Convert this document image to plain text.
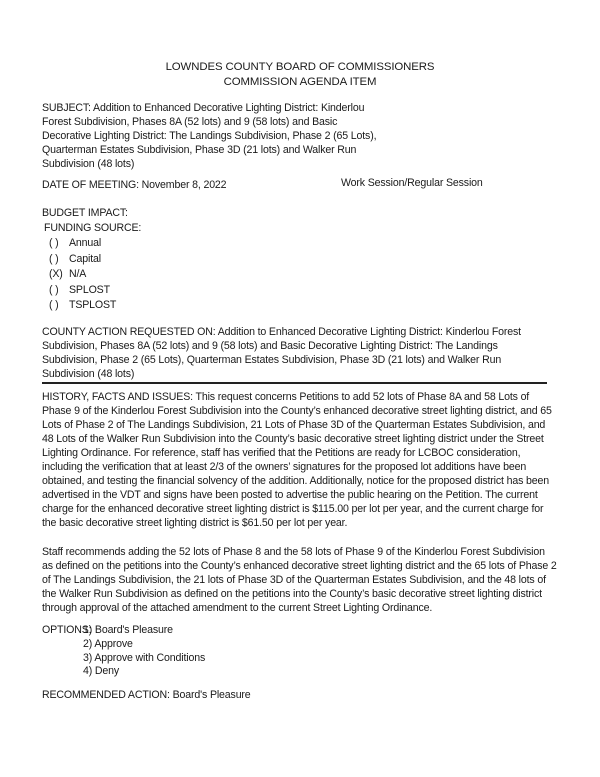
LOWNDES COUNTY BOARD OF COMMISSIONERS
COMMISSION AGENDA ITEM
SUBJECT: Addition to Enhanced Decorative Lighting District: Kinderlou Forest Subdivision, Phases 8A (52 lots) and 9 (58 lots) and Basic Decorative Lighting District: The Landings Subdivision, Phase 2 (65 Lots), Quarterman Estates Subdivision, Phase 3D (21 lots) and Walker Run Subdivision (48 lots)
DATE OF MEETING: November 8, 2022	Work Session/Regular Session
BUDGET IMPACT:
FUNDING SOURCE:
( ) Annual
( ) Capital
(X) N/A
( ) SPLOST
( ) TSPLOST
COUNTY ACTION REQUESTED ON: Addition to Enhanced Decorative Lighting District: Kinderlou Forest Subdivision, Phases 8A (52 lots) and 9 (58 lots) and Basic Decorative Lighting District: The Landings Subdivision, Phase 2 (65 Lots), Quarterman Estates Subdivision, Phase 3D (21 lots) and Walker Run Subdivision (48 lots)
HISTORY, FACTS AND ISSUES: This request concerns Petitions to add 52 lots of Phase 8A and 58 Lots of Phase 9 of the Kinderlou Forest Subdivision into the County’s enhanced decorative street lighting district, and 65 Lots of Phase 2 of The Landings Subdivision, 21 Lots of Phase 3D of the Quarterman Estates Subdivision, and 48 Lots of the Walker Run Subdivision into the County’s basic decorative street lighting district under the Street Lighting Ordinance. For reference, staff has verified that the Petitions are ready for LCBOC consideration, including the verification that at least 2/3 of the owners’ signatures for the proposed lot additions have been obtained, and testing the financial solvency of the addition. Additionally, notice for the proposed district has been advertised in the VDT and signs have been posted to advertise the public hearing on the Petition. The current charge for the enhanced decorative street lighting district is $115.00 per lot per year, and the current charge for the basic decorative street lighting district is $61.50 per lot per year.
Staff recommends adding the 52 lots of Phase 8 and the 58 lots of Phase 9 of the Kinderlou Forest Subdivision as defined on the petitions into the County’s enhanced decorative street lighting district and the 65 lots of Phase 2 of The Landings Subdivision, the 21 lots of Phase 3D of the Quarterman Estates Subdivision, and the 48 lots of the Walker Run Subdivision as defined on the petitions into the County’s basic decorative street lighting district through approval of the attached amendment to the current Street Lighting Ordinance.
OPTIONS:
1) Board's Pleasure
2) Approve
3) Approve with Conditions
4) Deny
RECOMMENDED ACTION: Board's Pleasure
